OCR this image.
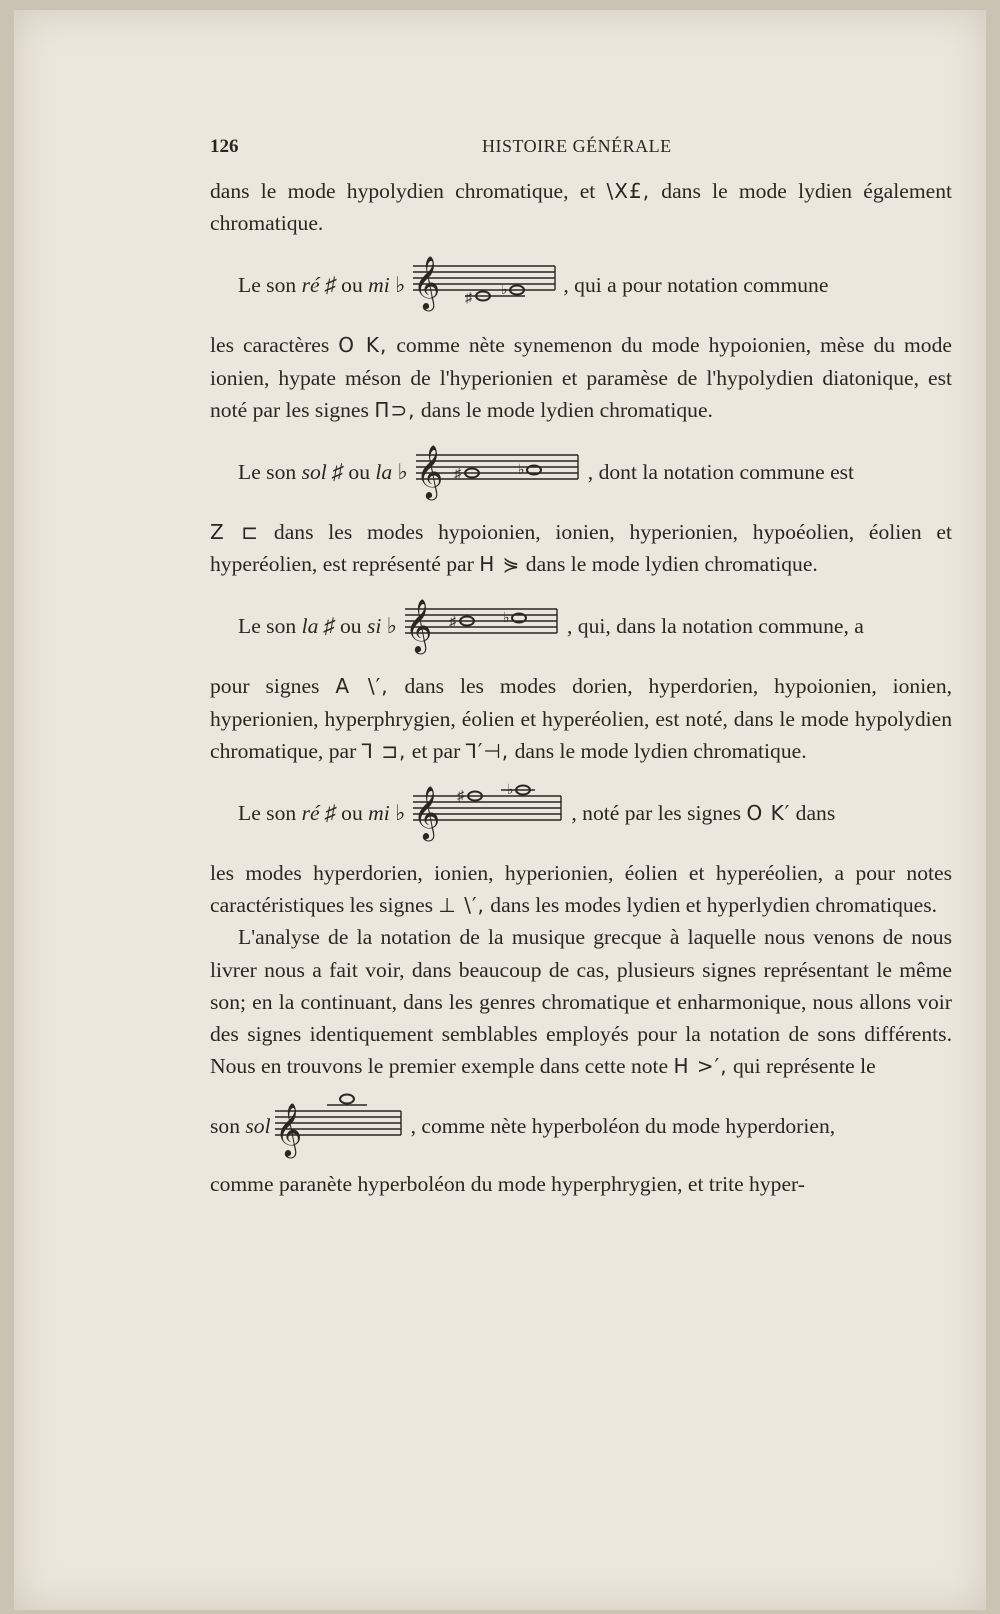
126	HISTOIRE GÉNÉRALE

dans le mode hypolydien chromatique, et \Χ£, dans le mode lydien également chromatique.

Le son ré ♯ ou mi ♭ 𝄞 ♯
♭	, qui a pour notation commune

les caractères O K, comme nète synemenon du mode hypoionien, mèse du mode ionien, hypate méson de l'hyperionien et paramèse de l'hypolydien diatonique, est noté par les signes Π⊃, dans le mode lydien chromatique.

Le son sol ♯ ou la ♭ 𝄞 ♯	♭	, dont la notation commune est

Z ⊏ dans les modes hypoionien, ionien, hyperionien, hypoéolien, éolien et hyperéolien, est représenté par H ⋟ dans le mode lydien chromatique.

Le son la ♯ ou si ♭ 𝄞 ♯	♭	, qui, dans la notation commune, a

pour signes A \′, dans les modes dorien, hyperdorien, hypoionien, ionien, hyperionien, hyperphrygien, éolien et hyperéolien, est noté, dans le mode hypolydien chromatique, par ꓶ ⊐, et par ꓶ′⊣, dans le mode lydien chromatique.

Le son ré ♯ ou mi ♭ 𝄞 ♯	♭
, noté par les signes O K′ dans

les modes hyperdorien, ionien, hyperionien, éolien et hyperéolien, a pour notes caractéristiques les signes ⊥ \′, dans les modes lydien et hyperlydien chromatiques.

L'analyse de la notation de la musique grecque à laquelle nous venons de nous livrer nous a fait voir, dans beaucoup de cas, plusieurs signes représentant le même son; en la continuant, dans les genres chromatique et enharmonique, nous allons voir des signes identiquement semblables employés pour la notation de sons différents. Nous en trouvons le premier exemple dans cette note H >′, qui représente le

son sol 𝄞	, comme nète hyperboléon du mode hyperdorien,

comme paranète hyperboléon du mode hyperphrygien, et trite hyper-
